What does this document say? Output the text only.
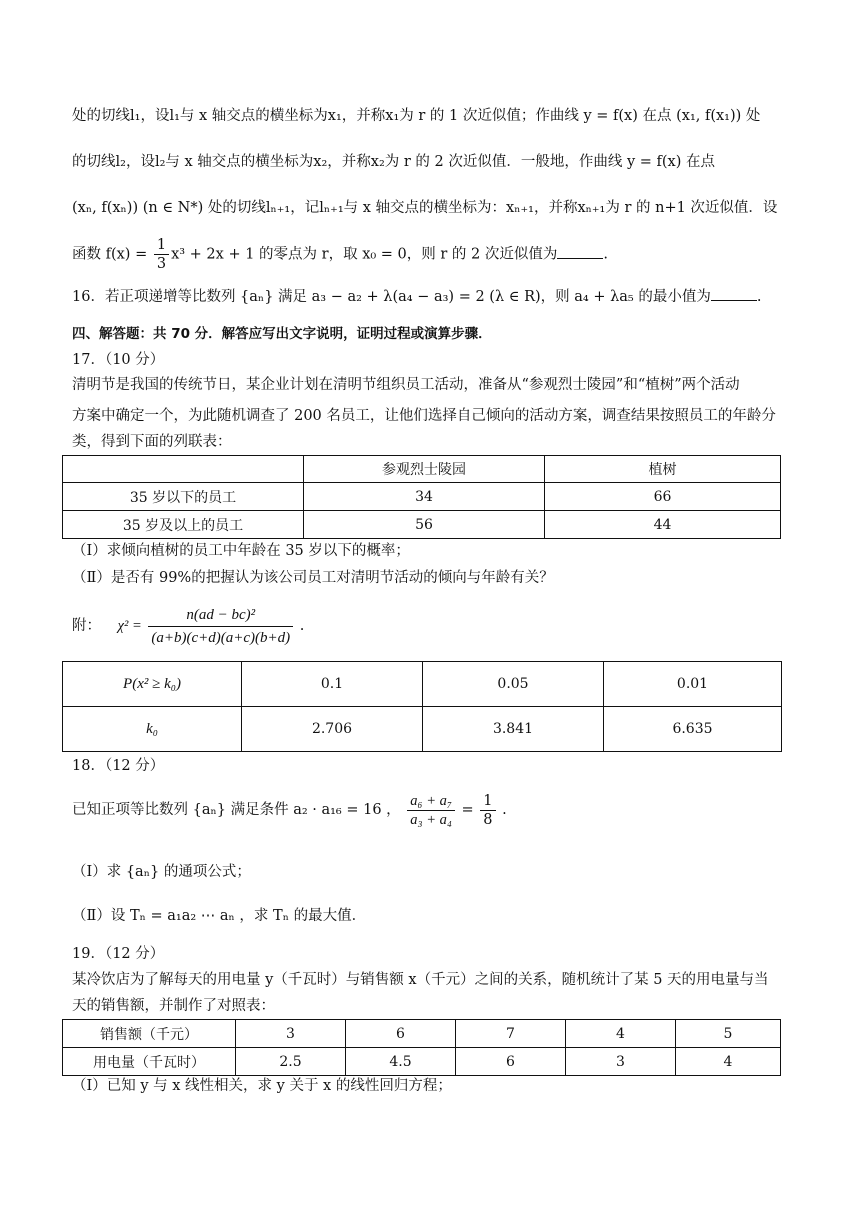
处的切线l₁，设l₁与 x 轴交点的横坐标为x₁，并称x₁为 r 的 1 次近似值；作曲线 y = f(x) 在点 (x₁, f(x₁)) 处
的切线l₂，设l₂与 x 轴交点的横坐标为x₂，并称x₂为 r 的 2 次近似值．一般地，作曲线 y = f(x) 在点
(xₙ, f(xₙ)) (n ∈ N*) 处的切线lₙ₊₁，记lₙ₊₁与 x 轴交点的横坐标为：xₙ₊₁，并称xₙ₊₁为 r 的 n+1 次近似值．设
函数 $f(x) = \frac{1}{3} x^3 + 2x + 1$ 的零点为 r，取 x₀ = 0，则 r 的 2 次近似值为	.
16．若正项递增等比数列 {aₙ} 满足 a₃ − a₂ + λ(a₄ − a₃) = 2 (λ ∈ R)，则 a₄ + λa₅ 的最小值为	.
四、解答题：共 70 分．解答应写出文字说明，证明过程或演算步骤．
17．（10 分）
清明节是我国的传统节日，某企业计划在清明节组织员工活动，准备从“参观烈士陵园”和“植树”两个活动
方案中确定一个，为此随机调查了 200 名员工，让他们选择自己倾向的活动方案，调查结果按照员工的年龄分
类，得到下面的列联表：
	参观烈士陵园	植树
35 岁以下的员工	34	66
35 岁及以上的员工	56	44
（Ⅰ）求倾向植树的员工中年龄在 35 岁以下的概率；
（Ⅱ）是否有 99%的把握认为该公司员工对清明节活动的倾向与年龄有关？
附： $\chi^2 = \frac{\text{n(ad − bc)²}}{(a+b)(c+d)(a+c)(b+d)}$ .
P(x² ≥ k₀)	0.1	0.05	0.01
k₀	2.706	3.841	6.635
18．（12 分）
已知正项等比数列 {aₙ} 满足条件 a₂ · a₁₆ = 16 ， $\frac{\text{a₆ + a₇}}{\text{a₃ + a₄}} = \frac{1}{8}$ .
（Ⅰ）求 {aₙ} 的通项公式；
（Ⅱ）设 Tₙ = a₁a₂ ⋯ aₙ ，求 Tₙ 的最大值．
19．（12 分）
某冷饮店为了解每天的用电量 y（千瓦时）与销售额 x（千元）之间的关系，随机统计了某 5 天的用电量与当
天的销售额，并制作了对照表：
销售额（千元）	3	6	7	4	5
用电量（千瓦时）	2.5	4.5	6	3	4
（Ⅰ）已知 y 与 x 线性相关，求 y 关于 x 的线性回归方程；
